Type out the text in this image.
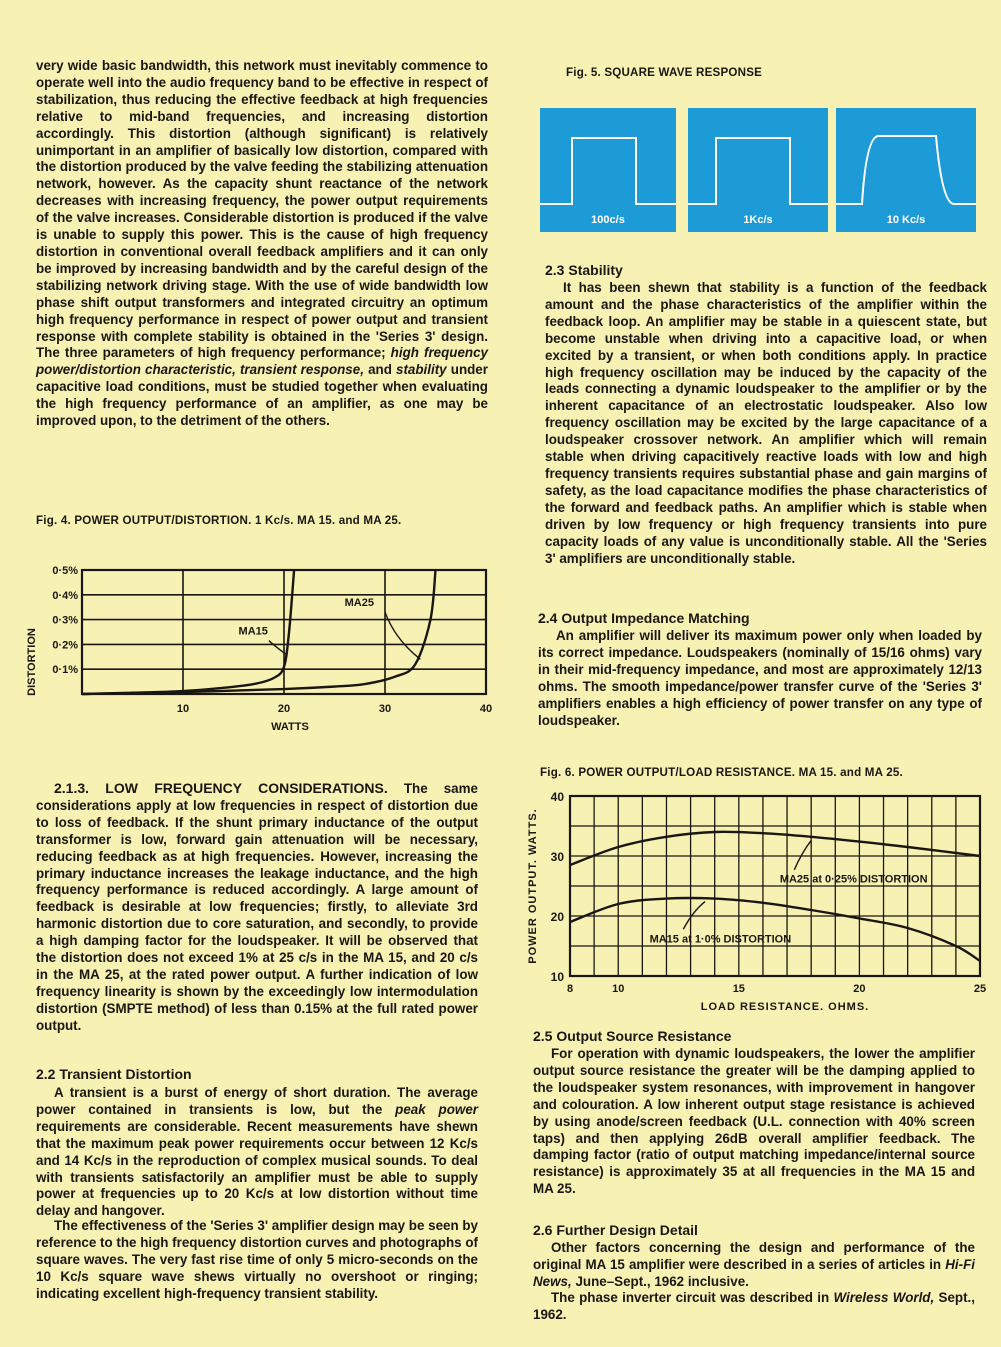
very wide basic bandwidth, this network must inevitably commence to operate well into the audio frequency band to be effective in respect of stabilization, thus reducing the effective feedback at high frequencies relative to mid-band frequencies, and increasing distortion accordingly. This distortion (although significant) is relatively unimportant in an amplifier of basically low distortion, compared with the distortion produced by the valve feeding the stabilizing attenuation network, however. As the capacity shunt reactance of the network decreases with increasing frequency, the power output requirements of the valve increases. Considerable distortion is produced if the valve is unable to supply this power. This is the cause of high frequency distortion in conventional overall feedback amplifiers and it can only be improved by increasing bandwidth and by the careful design of the stabilizing network driving stage. With the use of wide bandwidth low phase shift output transformers and integrated circuitry an optimum high frequency performance in respect of power output and transient response with complete stability is obtained in the 'Series 3' design. The three parameters of high frequency performance; high frequency power/distortion characteristic, transient response, and stability under capacitive load conditions, must be studied together when evaluating the high frequency performance of an amplifier, as one may be improved upon, to the detriment of the others.
Fig. 4. POWER OUTPUT/DISTORTION. 1 Kc/s. MA 15. and MA 25.
0·1%
0·2%
0·3%
0·4%
0·5%
10	20	30	40
WATTS
DISTORTION	MA15
MA25
2.1.3. LOW FREQUENCY CONSIDERATIONS. The same considerations apply at low frequencies in respect of distortion due to loss of feedback. If the shunt primary inductance of the output transformer is low, forward gain attenuation will be necessary, reducing feedback as at high frequencies. However, increasing the primary inductance increases the leakage inductance, and the high frequency performance is reduced accordingly. A large amount of feedback is desirable at low frequencies; firstly, to alleviate 3rd harmonic distortion due to core saturation, and secondly, to provide a high damping factor for the loudspeaker. It will be observed that the distortion does not exceed 1% at 25 c/s in the MA 15, and 20 c/s in the MA 25, at the rated power output. A further indication of low frequency linearity is shown by the exceedingly low intermodulation distortion (SMPTE method) of less than 0.15% at the full rated power output.
2.2 Transient Distortion
A transient is a burst of energy of short duration. The average power contained in transients is low, but the peak power requirements are considerable. Recent measurements have shewn that the maximum peak power requirements occur between 12 Kc/s and 14 Kc/s in the reproduction of complex musical sounds. To deal with transients satisfactorily an amplifier must be able to supply power at frequencies up to 20 Kc/s at low distortion without time delay and hangover.
The effectiveness of the 'Series 3' amplifier design may be seen by reference to the high frequency distortion curves and photographs of square waves. The very fast rise time of only 5 micro-seconds on the 10 Kc/s square wave shews virtually no overshoot or ringing; indicating excellent high-frequency transient stability.
Fig. 5. SQUARE WAVE RESPONSE
100c/s	1Kc/s	10 Kc/s
2.3 Stability
It has been shewn that stability is a function of the feedback amount and the phase characteristics of the amplifier within the feedback loop. An amplifier may be stable in a quiescent state, but become unstable when driving into a capacitive load, or when excited by a transient, or when both conditions apply. In practice high frequency oscillation may be induced by the capacity of the leads connecting a dynamic loudspeaker to the amplifier or by the inherent capacitance of an electrostatic loudspeaker. Also low frequency oscillation may be excited by the large capacitance of a loudspeaker crossover network. An amplifier which will remain stable when driving capacitively reactive loads with low and high frequency transients requires substantial phase and gain margins of safety, as the load capacitance modifies the phase characteristics of the forward and feedback paths. An amplifier which is stable when driven by low frequency or high frequency transients into pure capacity loads of any value is unconditionally stable. All the 'Series 3' amplifiers are unconditionally stable.
2.4 Output Impedance Matching
An amplifier will deliver its maximum power only when loaded by its correct impedance. Loudspeakers (nominally of 15/16 ohms) vary in their mid-frequency impedance, and most are approximately 12/13 ohms. The smooth impedance/power transfer curve of the 'Series 3' amplifiers enables a high efficiency of power transfer on any type of loudspeaker.
Fig. 6. POWER OUTPUT/LOAD RESISTANCE. MA 15. and MA 25.
10
20
30
40
8	10	15	20	25
LOAD RESISTANCE. OHMS.
POWER OUTPUT. WATTS.	MA25 at 0·25% DISTORTION
MA15 at 1·0% DISTORTION
2.5 Output Source Resistance
For operation with dynamic loudspeakers, the lower the amplifier output source resistance the greater will be the damping applied to the loudspeaker system resonances, with improvement in hangover and colouration. A low inherent output stage resistance is achieved by using anode/screen feedback (U.L. connection with 40% screen taps) and then applying 26dB overall amplifier feedback. The damping factor (ratio of output matching impedance/internal source resistance) is approximately 35 at all frequencies in the MA 15 and MA 25.
2.6 Further Design Detail
Other factors concerning the design and performance of the original MA 15 amplifier were described in a series of articles in Hi-Fi News, June–Sept., 1962 inclusive.
The phase inverter circuit was described in Wireless World, Sept., 1962.
